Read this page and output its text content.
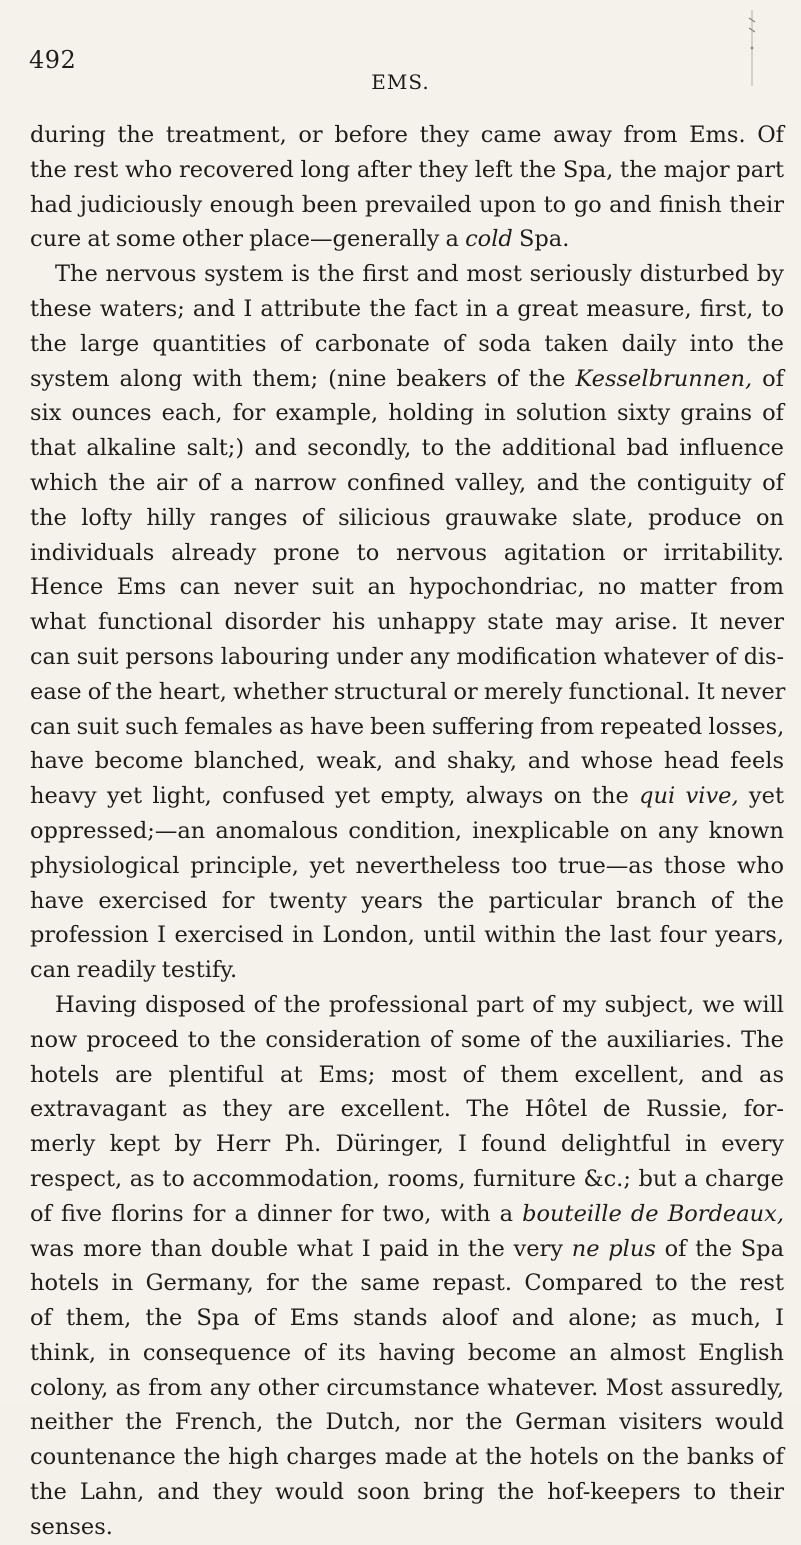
492
EMS.
during the treatment, or before they came away from Ems. Of
the rest who recovered long after they left the Spa, the major part
had judiciously enough been prevailed upon to go and finish their
cure at some other place—generally a cold Spa.
The nervous system is the first and most seriously disturbed by
these waters; and I attribute the fact in a great measure, first, to
the large quantities of carbonate of soda taken daily into the
system along with them; (nine beakers of the Kesselbrunnen, of
six ounces each, for example, holding in solution sixty grains of
that alkaline salt;) and secondly, to the additional bad influence
which the air of a narrow confined valley, and the contiguity of
the lofty hilly ranges of silicious grauwake slate, produce on
individuals already prone to nervous agitation or irritability.
Hence Ems can never suit an hypochondriac, no matter from
what functional disorder his unhappy state may arise. It never
can suit persons labouring under any modification whatever of dis-
ease of the heart, whether structural or merely functional. It never
can suit such females as have been suffering from repeated losses,
have become blanched, weak, and shaky, and whose head feels
heavy yet light, confused yet empty, always on the qui vive, yet
oppressed;—an anomalous condition, inexplicable on any known
physiological principle, yet nevertheless too true—as those who
have exercised for twenty years the particular branch of the
profession I exercised in London, until within the last four years,
can readily testify.
Having disposed of the professional part of my subject, we will
now proceed to the consideration of some of the auxiliaries. The
hotels are plentiful at Ems; most of them excellent, and as
extravagant as they are excellent. The Hôtel de Russie, for-
merly kept by Herr Ph. Düringer, I found delightful in every
respect, as to accommodation, rooms, furniture &c.; but a charge
of five florins for a dinner for two, with a bouteille de Bordeaux,
was more than double what I paid in the very ne plus of the Spa
hotels in Germany, for the same repast. Compared to the rest
of them, the Spa of Ems stands aloof and alone; as much, I
think, in consequence of its having become an almost English
colony, as from any other circumstance whatever. Most assuredly,
neither the French, the Dutch, nor the German visiters would
countenance the high charges made at the hotels on the banks of
the Lahn, and they would soon bring the hof-keepers to their
senses.
